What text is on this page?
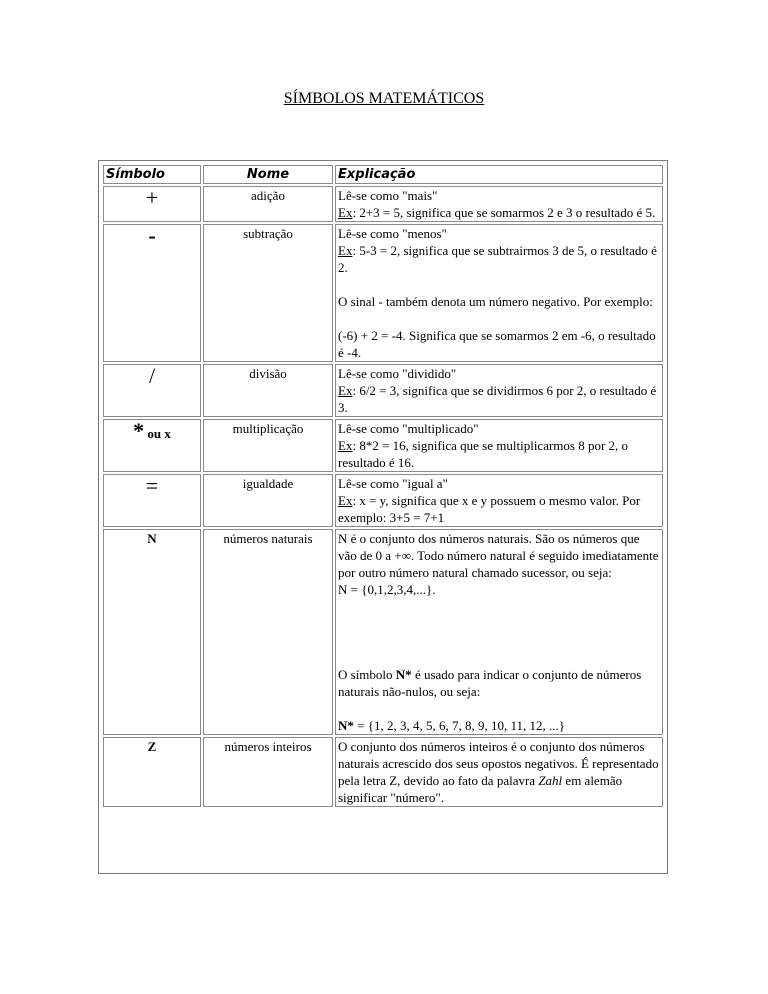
SÍMBOLOS MATEMÁTICOS
Símbolo	Nome	Explicação
+	adição	Lê-se como "mais"
Ex: 2+3 = 5, significa que se somarmos 2 e 3 o resultado é 5.
-	subtração	Lê-se como "menos"
Ex: 5-3 = 2, significa que se subtrairmos 3 de 5, o resultado é 2.
O sinal - também denota um número negativo. Por exemplo:
(-6) + 2 = -4. Significa que se somarmos 2 em -6, o resultado é -4.
/	divisão	Lê-se como "dividido"
Ex: 6/2 = 3, significa que se dividirmos 6 por 2, o resultado é 3.
* ou x	multiplicação	Lê-se como "multiplicado"
Ex: 8*2 = 16, significa que se multiplicarmos 8 por 2, o resultado é 16.
=	igualdade	Lê-se como "igual a"
Ex: x = y, significa que x e y possuem o mesmo valor. Por exemplo: 3+5 = 7+1
N	números naturais	N é o conjunto dos números naturais. São os números que vão de 0 a +∞. Todo número natural é seguido imediatamente por outro número natural chamado sucessor, ou seja:
N = {0,1,2,3,4,...}.
O símbolo N* é usado para indicar o conjunto de números naturais não-nulos, ou seja:
N* = {1, 2, 3, 4, 5, 6, 7, 8, 9, 10, 11, 12, ...}
Z	números inteiros	O conjunto dos números inteiros é o conjunto dos números naturais acrescido dos seus opostos negativos. É representado pela letra Z, devido ao fato da palavra Zahl em alemão significar "número".
